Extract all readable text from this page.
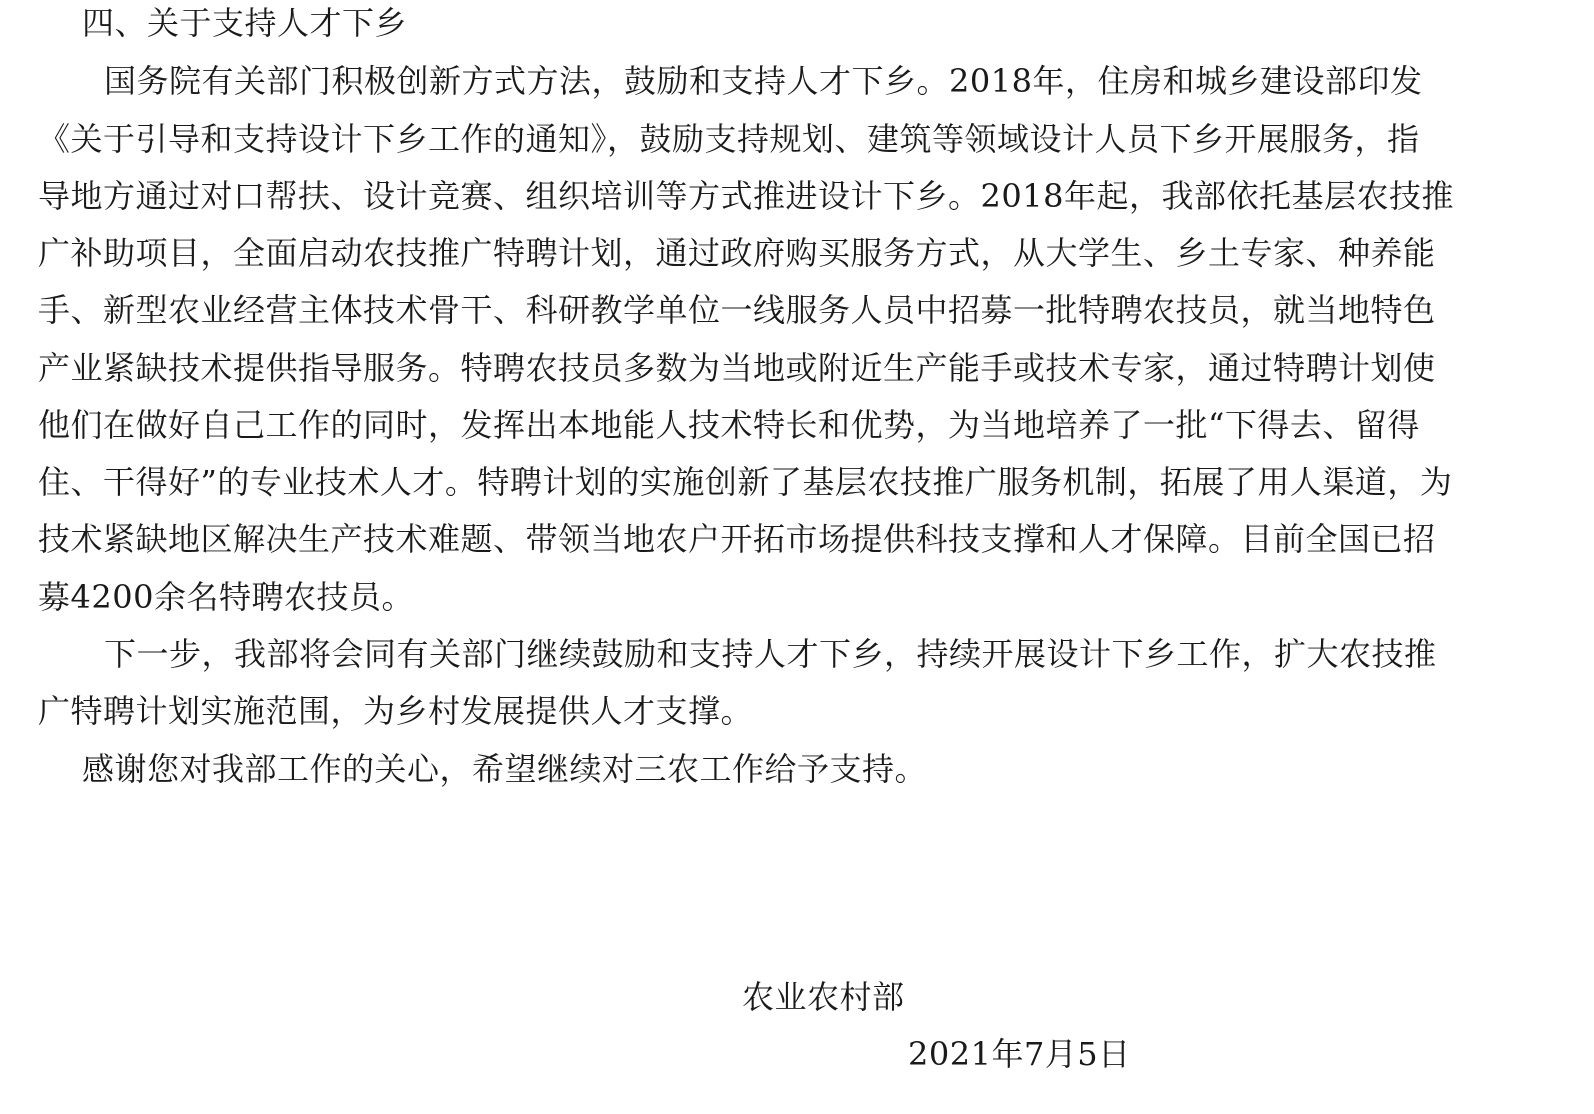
四、关于支持人才下乡
国务院有关部门积极创新方式方法，鼓励和支持人才下乡。2018年，住房和城乡建设部印发
《关于引导和支持设计下乡工作的通知》，鼓励支持规划、建筑等领域设计人员下乡开展服务，指
导地方通过对口帮扶、设计竞赛、组织培训等方式推进设计下乡。2018年起，我部依托基层农技推
广补助项目，全面启动农技推广特聘计划，通过政府购买服务方式，从大学生、乡土专家、种养能
手、新型农业经营主体技术骨干、科研教学单位一线服务人员中招募一批特聘农技员，就当地特色
产业紧缺技术提供指导服务。特聘农技员多数为当地或附近生产能手或技术专家，通过特聘计划使
他们在做好自己工作的同时，发挥出本地能人技术特长和优势，为当地培养了一批“下得去、留得
住、干得好”的专业技术人才。特聘计划的实施创新了基层农技推广服务机制，拓展了用人渠道，为
技术紧缺地区解决生产技术难题、带领当地农户开拓市场提供科技支撑和人才保障。目前全国已招
募4200余名特聘农技员。
下一步，我部将会同有关部门继续鼓励和支持人才下乡，持续开展设计下乡工作，扩大农技推
广特聘计划实施范围，为乡村发展提供人才支撑。
感谢您对我部工作的关心，希望继续对三农工作给予支持。
农业农村部
2021年7月5日
